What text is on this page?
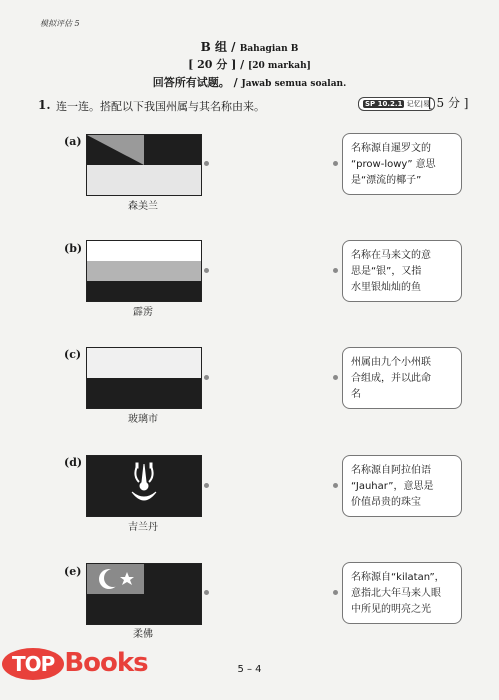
模拟评估 5
B 组 / Bahagian B
[ 20 分 ] / [20 markah]
回答所有试题。 / Jawab semua soalan.
1. 连一连。搭配以下我国州属与其名称由来。	SP 10.2.1 记忆|易
[ 5 分 ]
(a)
森美兰
(b)
霹雳
(c)
玻璃市
(d)
吉兰丹
(e)
柔佛
名称源自暹罗文的
“prow-lowy” 意思
是“漂流的椰子”
名称在马来文的意
思是“银”，又指
水里银灿灿的鱼
州属由九个小州联
合组成，并以此命
名
名称源自阿拉伯语
“Jauhar”，意思是
价值昂贵的珠宝
名称源自“kilatan”，
意指北大年马来人眼
中所见的明亮之光
5 – 4
TOP Books
